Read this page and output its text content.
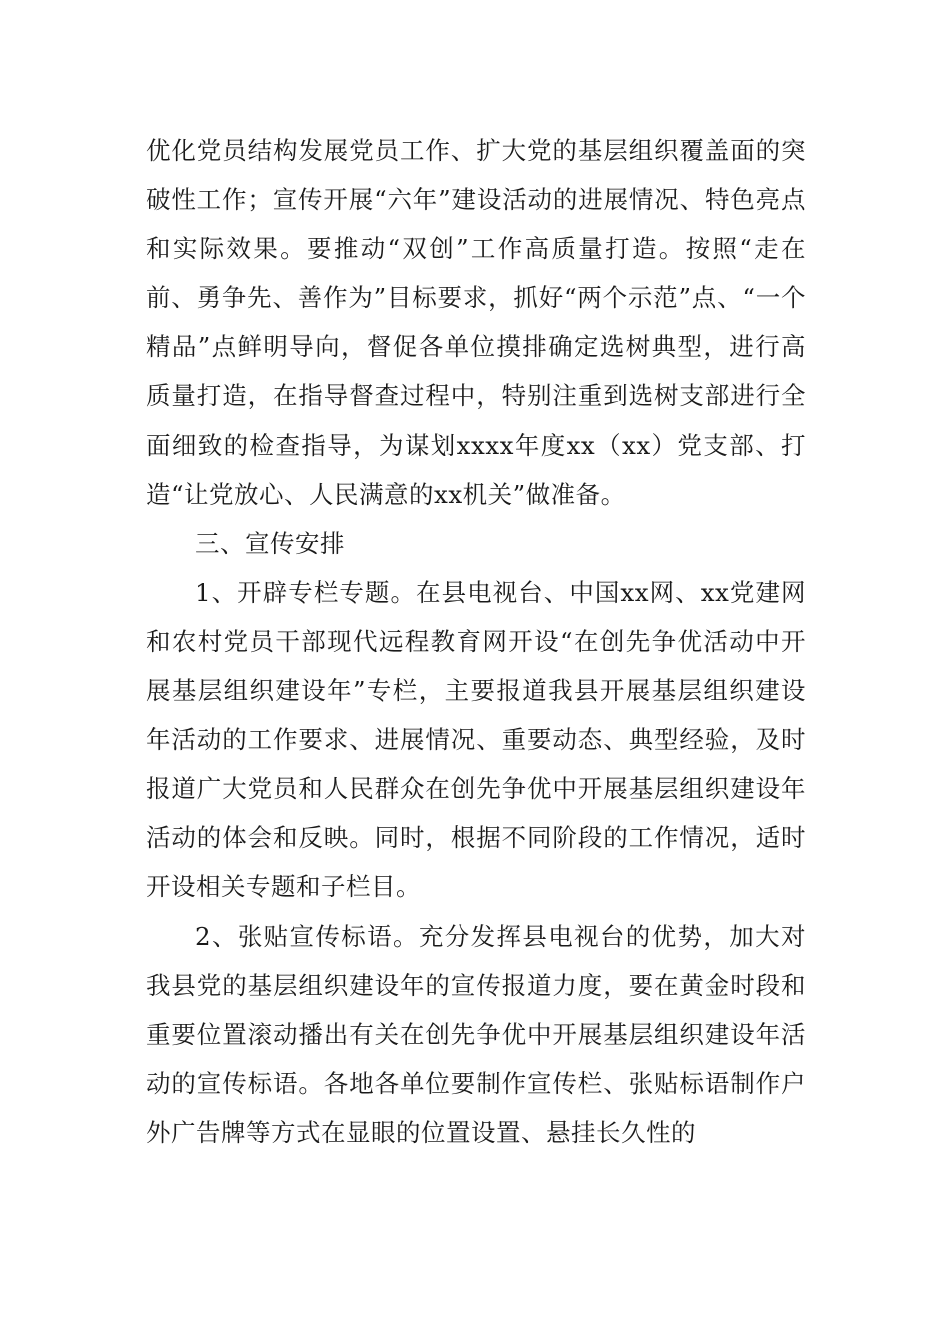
优化党员结构发展党员工作、扩大党的基层组织覆盖面的突破性工作；宣传开展“六年”建设活动的进展情况、特色亮点和实际效果。要推动“双创”工作高质量打造。按照“走在前、勇争先、善作为”目标要求，抓好“两个示范”点、“一个精品”点鲜明导向，督促各单位摸排确定选树典型，进行高质量打造，在指导督查过程中，特别注重到选树支部进行全面细致的检查指导，为谋划xxxx年度xx（xx）党支部、打造“让党放心、人民满意的xx机关”做准备。

三、宣传安排

1、开辟专栏专题。在县电视台、中国xx网、xx党建网和农村党员干部现代远程教育网开设“在创先争优活动中开展基层组织建设年”专栏，主要报道我县开展基层组织建设年活动的工作要求、进展情况、重要动态、典型经验，及时报道广大党员和人民群众在创先争优中开展基层组织建设年活动的体会和反映。同时，根据不同阶段的工作情况，适时开设相关专题和子栏目。

2、张贴宣传标语。充分发挥县电视台的优势，加大对我县党的基层组织建设年的宣传报道力度，要在黄金时段和重要位置滚动播出有关在创先争优中开展基层组织建设年活动的宣传标语。各地各单位要制作宣传栏、张贴标语制作户外广告牌等方式在显眼的位置设置、悬挂长久性的
